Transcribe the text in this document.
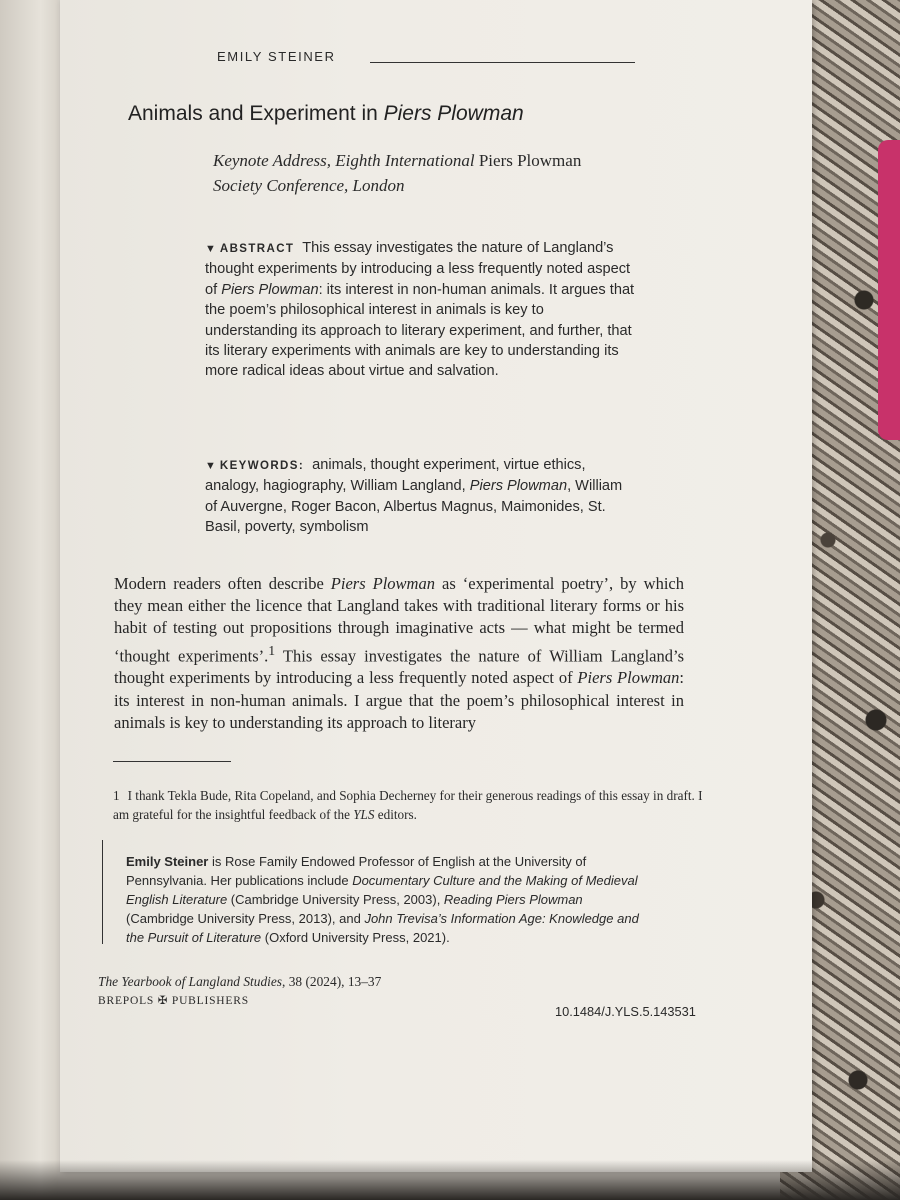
EMILY STEINER
Animals and Experiment in Piers Plowman
Keynote Address, Eighth International Piers Plowman
Society Conference, London
▼ ABSTRACT This essay investigates the nature of Langland’s thought experiments by introducing a less frequently noted aspect of Piers Plowman: its interest in non-human animals. It argues that the poem’s philosophical interest in animals is key to understanding its approach to literary experiment, and further, that its literary experiments with animals are key to understanding its more radical ideas about virtue and salvation.
▼ KEYWORDS: animals, thought experiment, virtue ethics, analogy, hagiography, William Langland, Piers Plowman, William of Auvergne, Roger Bacon, Albertus Magnus, Maimonides, St. Basil, poverty, symbolism
Modern readers often describe Piers Plowman as ‘experimental poetry’, by which they mean either the licence that Langland takes with traditional literary forms or his habit of testing out propositions through imaginative acts — what might be termed ‘thought experiments’.$^1$ This essay investigates the nature of William Langland’s thought experiments by introducing a less frequently noted aspect of Piers Plowman: its interest in non-human animals. I argue that the poem’s philosophical interest in animals is key to understanding its approach to literary
1 I thank Tekla Bude, Rita Copeland, and Sophia Decherney for their generous readings of this essay in draft. I am grateful for the insightful feedback of the YLS editors.
Emily Steiner is Rose Family Endowed Professor of English at the University of Pennsylvania. Her publications include Documentary Culture and the Making of Medieval English Literature (Cambridge University Press, 2003), Reading Piers Plowman (Cambridge University Press, 2013), and John Trevisa’s Information Age: Knowledge and the Pursuit of Literature (Oxford University Press, 2021).
The Yearbook of Langland Studies, 38 (2024), 13–37
BREPOLS ✠ PUBLISHERS
10.1484/J.YLS.5.143531
